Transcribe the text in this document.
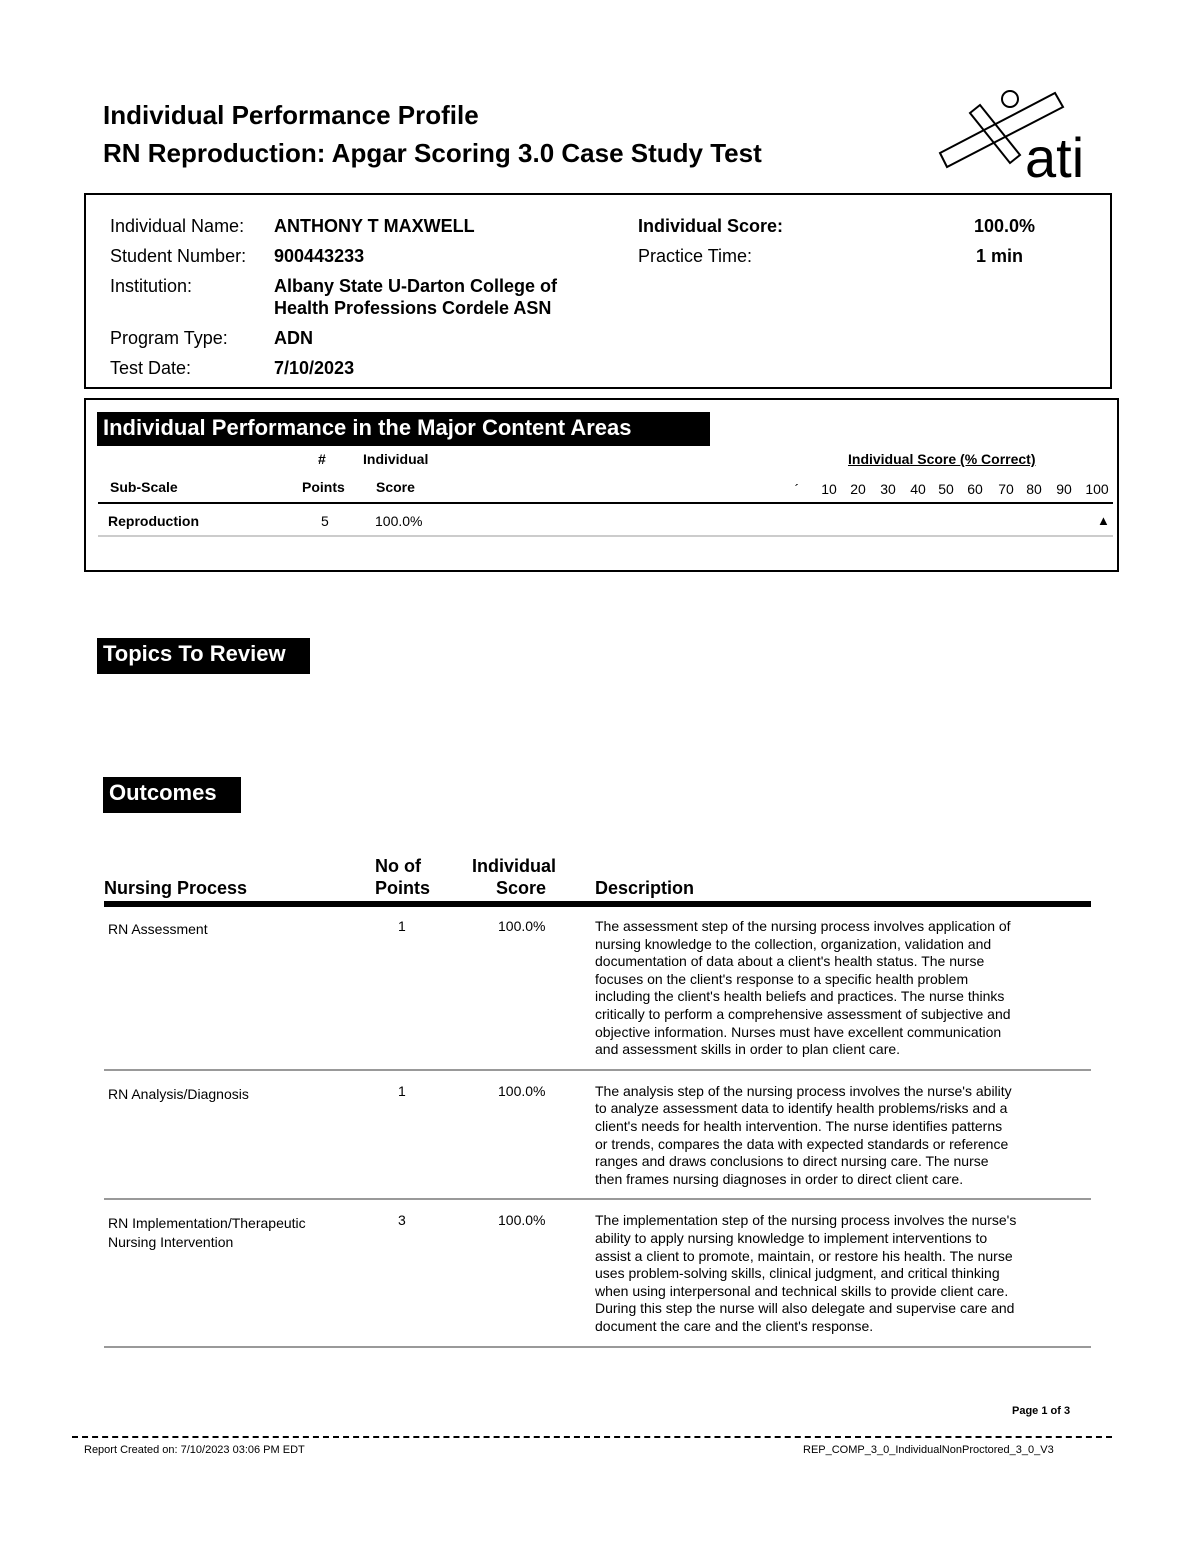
Individual Performance Profile
RN Reproduction: Apgar Scoring 3.0 Case Study Test	ati
Individual Name: ANTHONY T MAXWELL
Student Number: 900443233
Institution:	Albany State U-Darton College of
Health Professions Cordele ASN
Program Type:	ADN
Test Date:	7/10/2023
Individual Score:	100.0%
Practice Time:	1 min
Individual Performance in the Major Content Areas
#	Individual	Individual Score (% Correct)
Sub-Scale	Points Score	´	10 20	30	40 50 60	70 80	90 100
Reproduction	5	100.0%	▲
Topics To Review
Outcomes
Nursing Process
No of
Points
Individual
Score	Description
RN Assessment	1	100.0%	The assessment step of the nursing process involves application of
nursing knowledge to the collection, organization, validation and
documentation of data about a client's health status. The nurse
focuses on the client's response to a specific health problem
including the client's health beliefs and practices. The nurse thinks
critically to perform a comprehensive assessment of subjective and
objective information. Nurses must have excellent communication
and assessment skills in order to plan client care.
RN Analysis/Diagnosis	1	100.0%	The analysis step of the nursing process involves the nurse's ability
to analyze assessment data to identify health problems/risks and a
client's needs for health intervention. The nurse identifies patterns
or trends, compares the data with expected standards or reference
ranges and draws conclusions to direct nursing care. The nurse
then frames nursing diagnoses in order to direct client care.
RN Implementation/Therapeutic
Nursing Intervention
3	100.0%	The implementation step of the nursing process involves the nurse's
ability to apply nursing knowledge to implement interventions to
assist a client to promote, maintain, or restore his health. The nurse
uses problem-solving skills, clinical judgment, and critical thinking
when using interpersonal and technical skills to provide client care.
During this step the nurse will also delegate and supervise care and
document the care and the client's response.
Page 1 of 3
Report Created on: 7/10/2023 03:06 PM EDT	REP_COMP_3_0_IndividualNonProctored_3_0_V3
